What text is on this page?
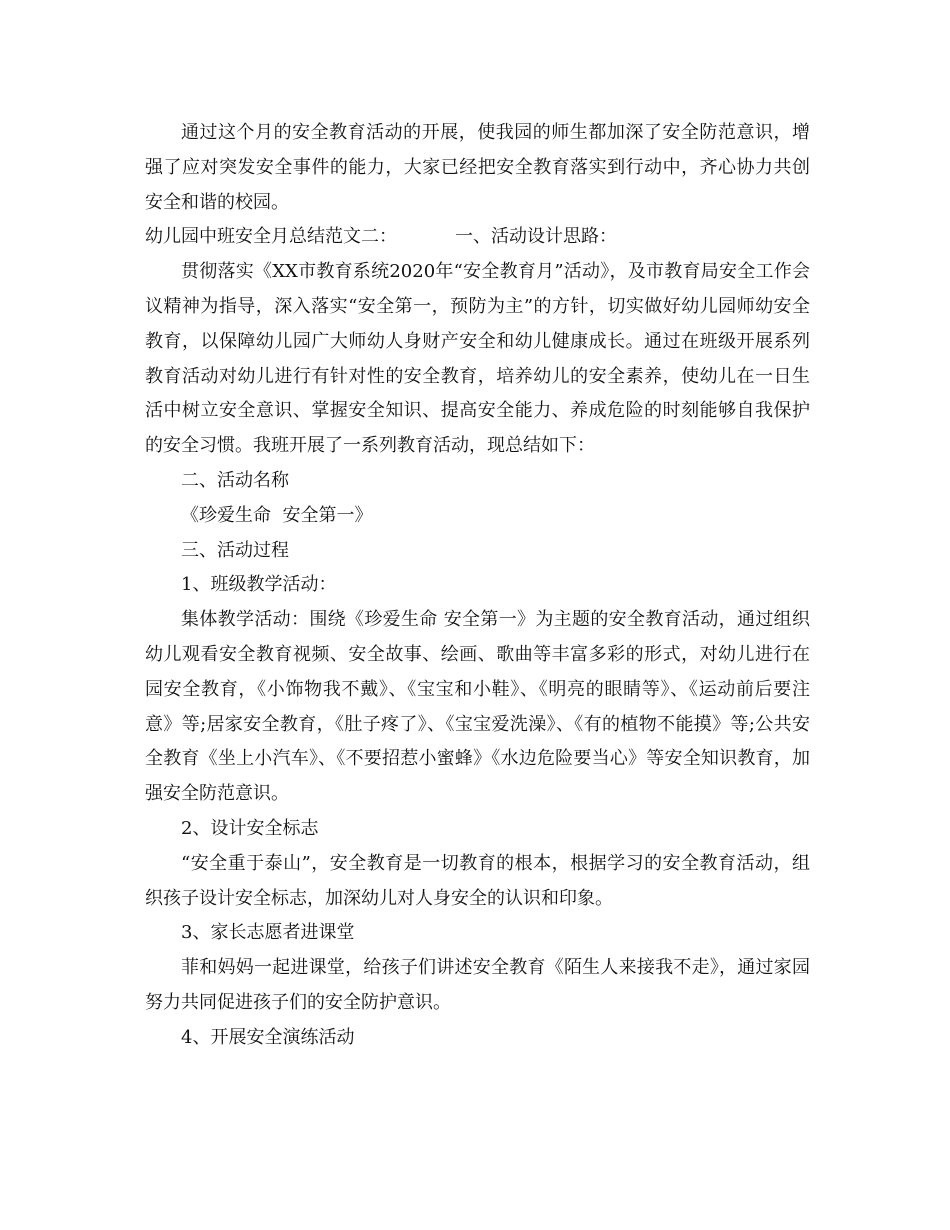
通过这个月的安全教育活动的开展，使我园的师生都加深了安全防范意识，增强了应对突发安全事件的能力，大家已经把安全教育落实到行动中，齐心协力共创安全和谐的校园。

幼儿园中班安全月总结范文二：	一、活动设计思路：

贯彻落实《XX市教育系统2020年“安全教育月”活动》，及市教育局安全工作会议精神为指导，深入落实“安全第一，预防为主”的方针，切实做好幼儿园师幼安全教育，以保障幼儿园广大师幼人身财产安全和幼儿健康成长。通过在班级开展系列教育活动对幼儿进行有针对性的安全教育，培养幼儿的安全素养，使幼儿在一日生活中树立安全意识、掌握安全知识、提高安全能力、养成危险的时刻能够自我保护的安全习惯。我班开展了一系列教育活动，现总结如下：

二、活动名称

《珍爱生命  安全第一》

三、活动过程

1、班级教学活动：

集体教学活动：围绕《珍爱生命 安全第一》为主题的安全教育活动，通过组织幼儿观看安全教育视频、安全故事、绘画、歌曲等丰富多彩的形式，对幼儿进行在园安全教育，《小饰物我不戴》、《宝宝和小鞋》、《明亮的眼睛等》、《运动前后要注意》等;居家安全教育，《肚子疼了》、《宝宝爱洗澡》、《有的植物不能摸》等;公共安全教育《坐上小汽车》、《不要招惹小蜜蜂》《水边危险要当心》等安全知识教育，加强安全防范意识。

2、设计安全标志

“安全重于泰山”，安全教育是一切教育的根本，根据学习的安全教育活动，组织孩子设计安全标志，加深幼儿对人身安全的认识和印象。

3、家长志愿者进课堂

菲和妈妈一起进课堂，给孩子们讲述安全教育《陌生人来接我不走》，通过家园努力共同促进孩子们的安全防护意识。

4、开展安全演练活动
